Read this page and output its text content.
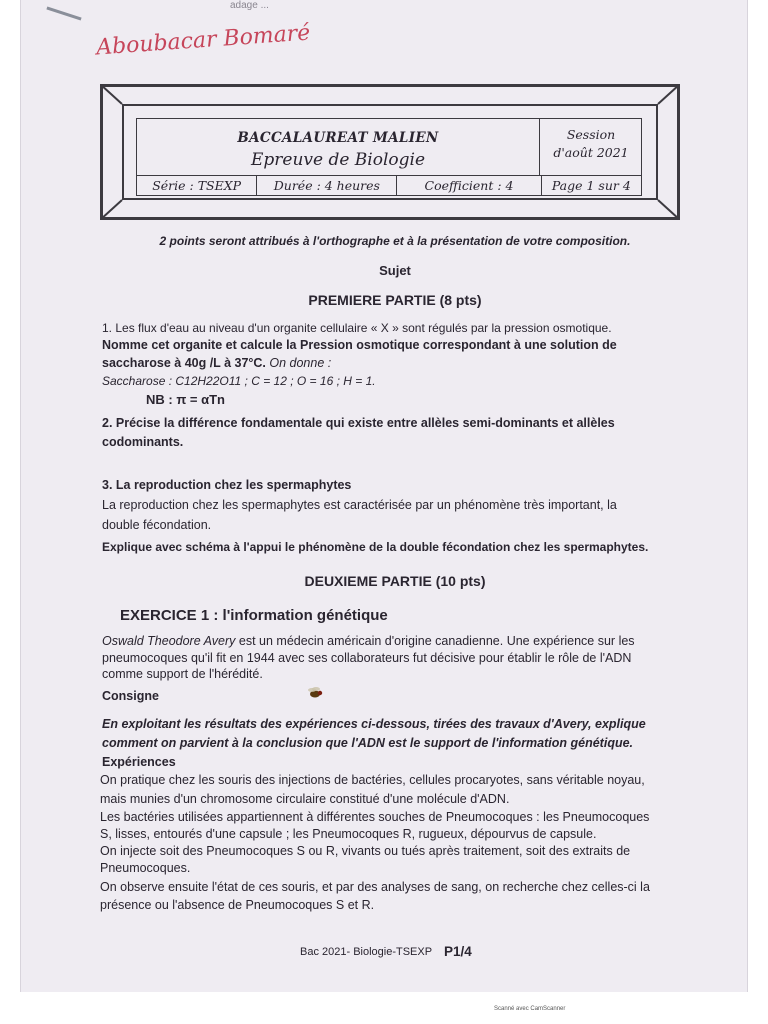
adage ...
Aboubacar Bomaré
BACCALAUREAT MALIEN
Epreuve de Biologie
Session
d'août 2021
Série : TSEXP	Durée : 4 heures	Coefficient : 4	Page 1 sur 4
2 points seront attribués à l'orthographe et à la présentation de votre composition.
Sujet
PREMIERE PARTIE (8 pts)
1. Les flux d'eau au niveau d'un organite cellulaire « X » sont régulés par la pression osmotique.
Nomme cet organite et calcule la Pression osmotique correspondant à une solution de
saccharose à 40g /L à 37°C. On donne :
Saccharose : C12H22O11 ; C = 12 ; O = 16 ; H = 1.
NB : π = αTn
2. Précise la différence fondamentale qui existe entre allèles semi-dominants et allèles
codominants.
3. La reproduction chez les spermaphytes
La reproduction chez les spermaphytes est caractérisée par un phénomène très important, la
double fécondation.
Explique avec schéma à l'appui le phénomène de la double fécondation chez les spermaphytes.
DEUXIEME PARTIE (10 pts)
EXERCICE 1 : l'information génétique
Oswald Theodore Avery est un médecin américain d'origine canadienne. Une expérience sur les
pneumocoques qu'il fit en 1944 avec ses collaborateurs fut décisive pour établir le rôle de l'ADN
comme support de l'hérédité.
Consigne
En exploitant les résultats des expériences ci-dessous, tirées des travaux d'Avery, explique
comment on parvient à la conclusion que l'ADN est le support de l'information génétique.
Expériences
On pratique chez les souris des injections de bactéries, cellules procaryotes, sans véritable noyau,
mais munies d'un chromosome circulaire constitué d'une molécule d'ADN.
Les bactéries utilisées appartiennent à différentes souches de Pneumocoques : les Pneumocoques
S, lisses, entourés d'une capsule ; les Pneumocoques R, rugueux, dépourvus de capsule.
On injecte soit des Pneumocoques S ou R, vivants ou tués après traitement, soit des extraits de
Pneumocoques.
On observe ensuite l'état de ces souris, et par des analyses de sang, on recherche chez celles-ci la
présence ou l'absence de Pneumocoques S et R.
Bac 2021- Biologie-TSEXP P1/4
Scanné avec CamScanner
